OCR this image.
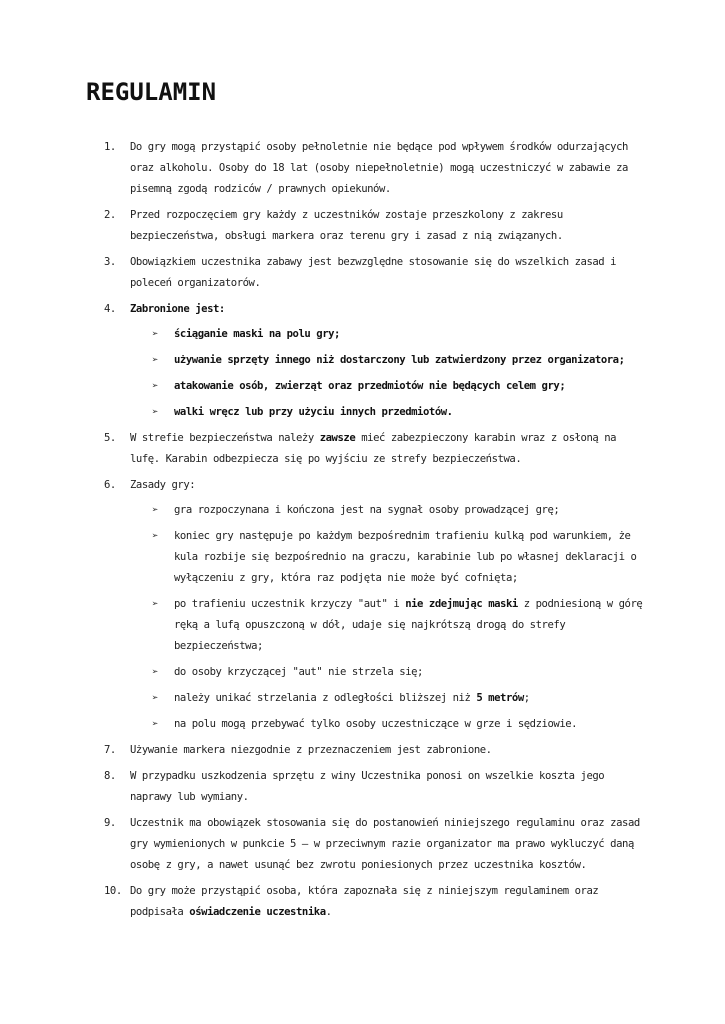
REGULAMIN
1. Do gry mogą przystąpić osoby pełnoletnie nie będące pod wpływem środków odurzających oraz alkoholu. Osoby do 18 lat (osoby niepełnoletnie) mogą uczestniczyć w zabawie za pisemną zgodą rodziców / prawnych opiekunów.
2. Przed rozpoczęciem gry każdy z uczestników zostaje przeszkolony z zakresu bezpieczeństwa, obsługi markera oraz terenu gry i zasad z nią związanych.
3. Obowiązkiem uczestnika zabawy jest bezwzględne stosowanie się do wszelkich zasad i poleceń organizatorów.
4. Zabronione jest:
➢ ściąganie maski na polu gry;
➢ używanie sprzęty innego niż dostarczony lub zatwierdzony przez organizatora;
➢ atakowanie osób, zwierząt oraz przedmiotów nie będących celem gry;
➢ walki wręcz lub przy użyciu innych przedmiotów.
5. W strefie bezpieczeństwa należy zawsze mieć zabezpieczony karabin wraz z osłoną na lufę. Karabin odbezpiecza się po wyjściu ze strefy bezpieczeństwa.
6. Zasady gry:
➢ gra rozpoczynana i kończona jest na sygnał osoby prowadzącej grę;
➢ koniec gry następuje po każdym bezpośrednim trafieniu kulką pod warunkiem, że kula rozbije się bezpośrednio na graczu, karabinie lub po własnej deklaracji o wyłączeniu z gry, która raz podjęta nie może być cofnięta;
➢ po trafieniu uczestnik krzyczy "aut" i nie zdejmując maski z podniesioną w górę ręką a lufą opuszczoną w dół, udaje się najkrótszą drogą do strefy bezpieczeństwa;
➢ do osoby krzyczącej "aut" nie strzela się;
➢ należy unikać strzelania z odległości bliższej niż 5 metrów;
➢ na polu mogą przebywać tylko osoby uczestniczące w grze i sędziowie.
7. Używanie markera niezgodnie z przeznaczeniem jest zabronione.
8. W przypadku uszkodzenia sprzętu z winy Uczestnika ponosi on wszelkie koszta jego naprawy lub wymiany.
9. Uczestnik ma obowiązek stosowania się do postanowień niniejszego regulaminu oraz zasad gry wymienionych w punkcie 5 – w przeciwnym razie organizator ma prawo wykluczyć daną osobę z gry, a nawet usunąć bez zwrotu poniesionych przez uczestnika kosztów.
10. Do gry może przystąpić osoba, która zapoznała się z niniejszym regulaminem oraz podpisała oświadczenie uczestnika.
